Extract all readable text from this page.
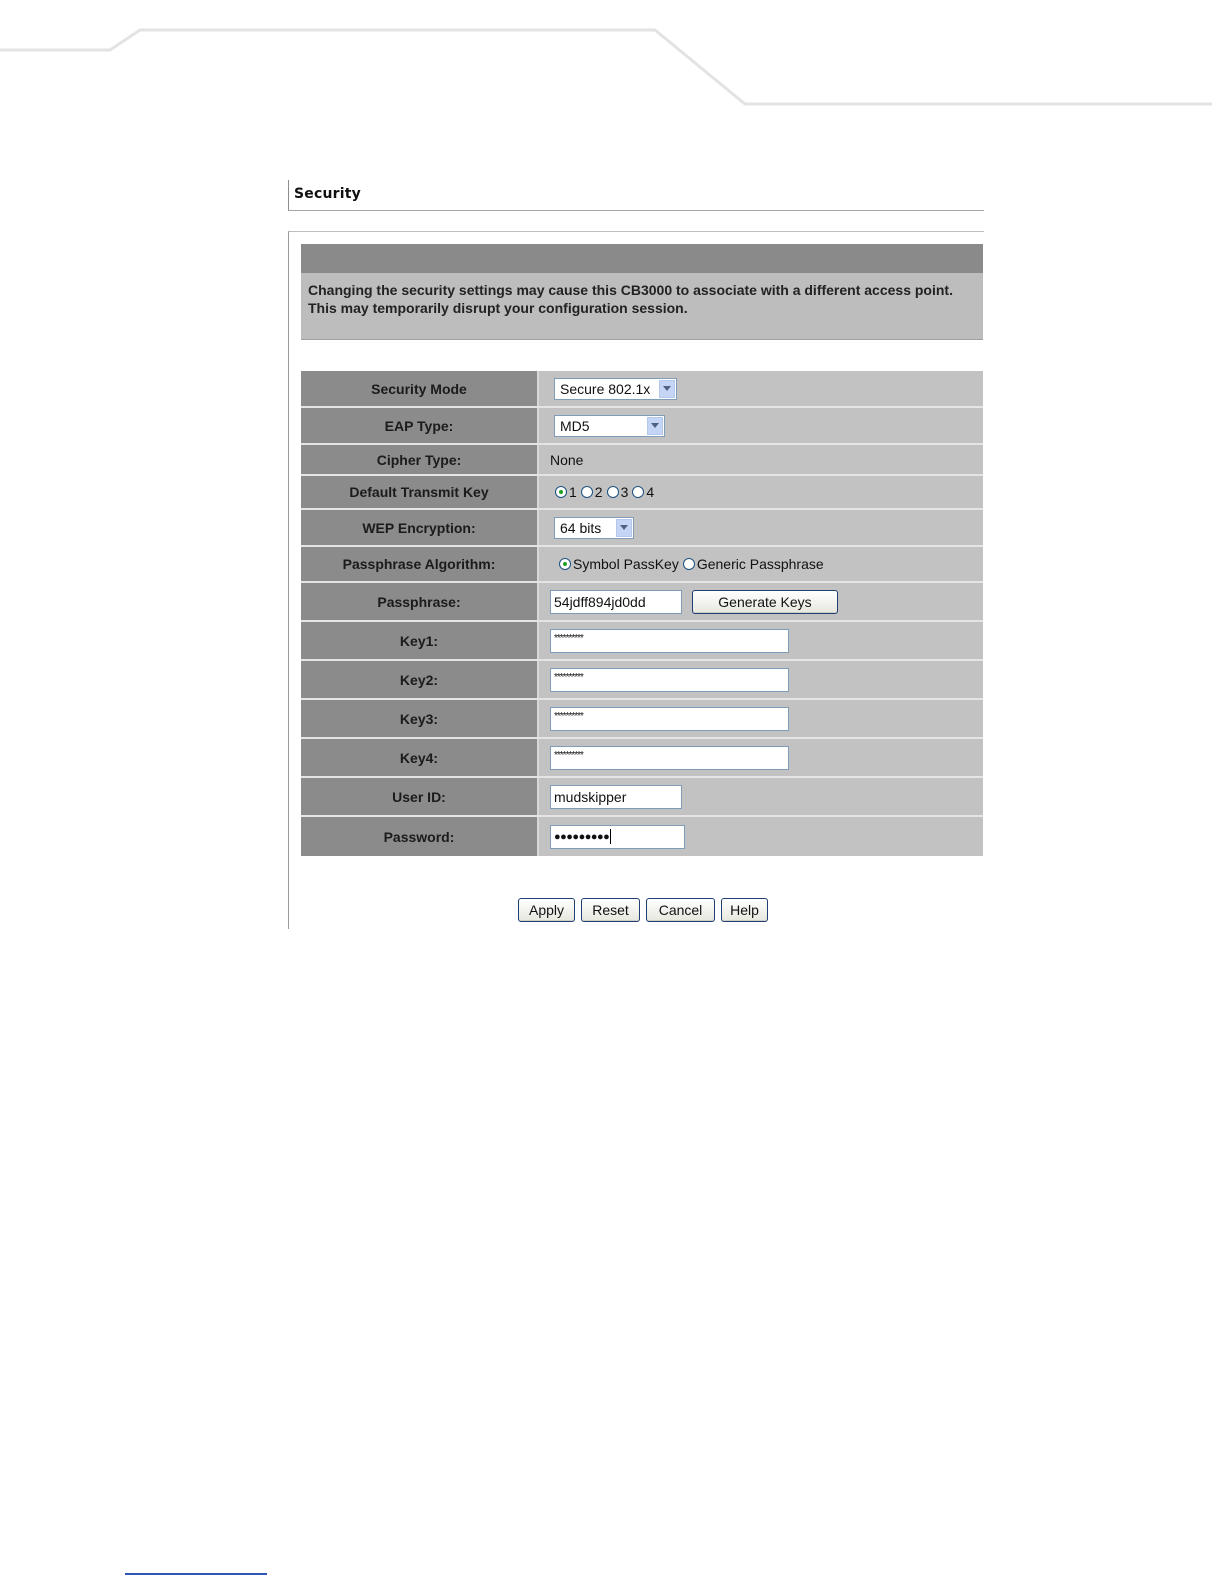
Security
Changing the security settings may cause this CB3000 to associate with a different access point.
This may temporarily disrupt your configuration session.
Security Mode	Secure 802.1x
EAP Type:	MD5
Cipher Type:	None
Default Transmit Key	1 2 3 4
WEP Encryption:	64 bits
Passphrase Algorithm:	Symbol PassKey Generic Passphrase
Passphrase:	54jdff894jd0dd	Generate Keys
Key1:	**********
Key2:	**********
Key3:	**********
Key4:	**********
User ID:	mudskipper
Password:	●●●●●●●●●
Apply	Reset	Cancel	Help
